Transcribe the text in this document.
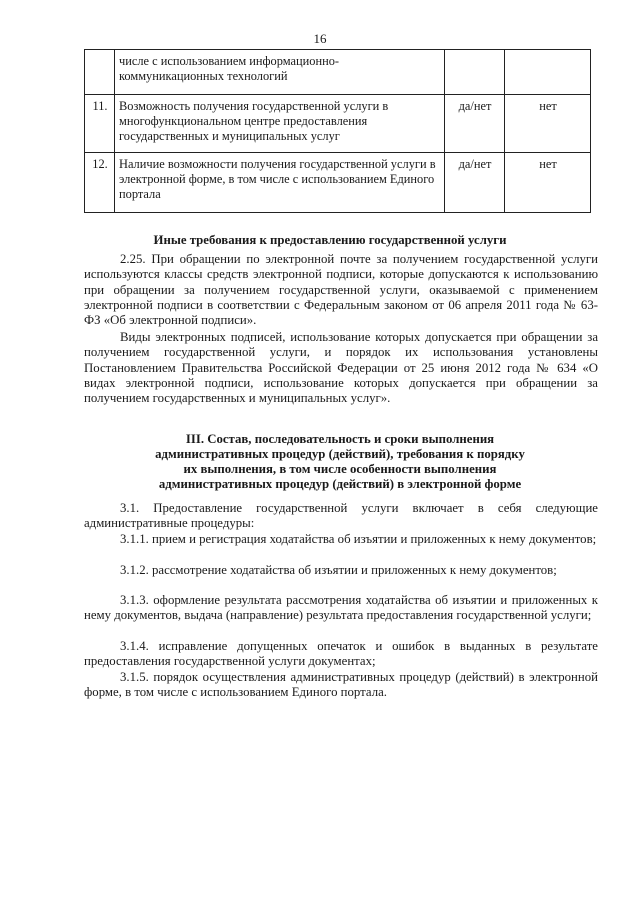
16
	числе с использованием информационно-коммуникационных технологий		
11.	Возможность получения государственной услуги в многофункциональном центре предоставления государственных и муниципальных услуг	да/нет	нет
12.	Наличие возможности получения государственной услуги в электронной форме, в том числе с использованием Единого портала	да/нет	нет
Иные требования к предоставлению государственной услуги
2.25. При обращении по электронной почте за получением государственной услуги используются классы средств электронной подписи, которые допускаются к использованию при обращении за получением государственной услуги, оказываемой с применением электронной подписи в соответствии с Федеральным законом от 06 апреля 2011 года № 63-ФЗ «Об электронной подписи».
Виды электронных подписей, использование которых допускается при обращении за получением государственной услуги, и порядок их использования установлены Постановлением Правительства Российской Федерации от 25 июня 2012 года № 634 «О видах электронной подписи, использование которых допускается при обращении за получением государственных и муниципальных услуг».
III. Состав, последовательность и сроки выполнения
административных процедур (действий), требования к порядку
их выполнения, в том числе особенности выполнения
административных процедур (действий) в электронной форме
3.1. Предоставление государственной услуги включает в себя следующие административные процедуры:
3.1.1. прием и регистрация ходатайства об изъятии и приложенных к нему документов;
3.1.2. рассмотрение ходатайства об изъятии и приложенных к нему документов;
3.1.3. оформление результата рассмотрения ходатайства об изъятии и приложенных к нему документов, выдача (направление) результата предоставления государственной услуги;
3.1.4. исправление допущенных опечаток и ошибок в выданных в результате предоставления государственной услуги документах;
3.1.5. порядок осуществления административных процедур (действий) в электронной форме, в том числе с использованием Единого портала.
